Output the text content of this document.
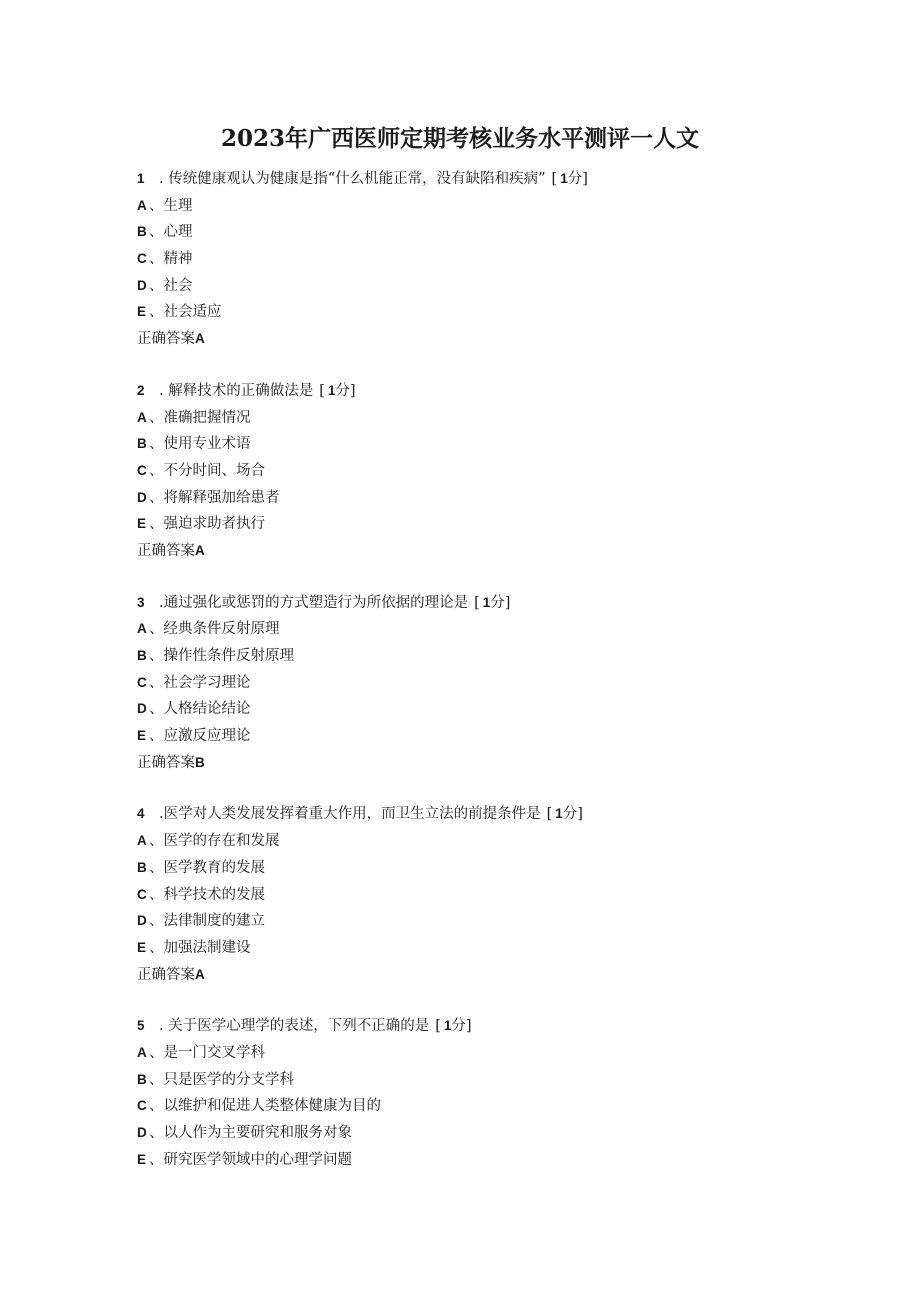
2023年广西医师定期考核业务水平测评一人文
1 . 传统健康观认为健康是指“什么机能正常，没有缺陷和疾病” [ 1分]
A 、生理
B 、心理
C 、精神
D 、社会
E 、社会适应
正确答案A
2 . 解释技术的正确做法是 [ 1分]
A 、准确把握情况
B 、使用专业术语
C 、不分时间、场合
D 、将解释强加给患者
E 、强迫求助者执行
正确答案A
3 .通过强化或惩罚的方式塑造行为所依据的理论是 [ 1分]
A 、经典条件反射原理
B 、操作性条件反射原理
C 、社会学习理论
D 、人格结论结论
E 、应激反应理论
正确答案B
4 .医学对人类发展发挥着重大作用，而卫生立法的前提条件是 [ 1分]
A 、医学的存在和发展
B 、医学教育的发展
C 、科学技术的发展
D 、法律制度的建立
E 、加强法制建设
正确答案A
5 . 关于医学心理学的表述，下列不正确的是 [ 1分]
A 、是一门交叉学科
B 、只是医学的分支学科
C 、以维护和促进人类整体健康为目的
D 、以人作为主要研究和服务对象
E 、研究医学领域中的心理学问题
